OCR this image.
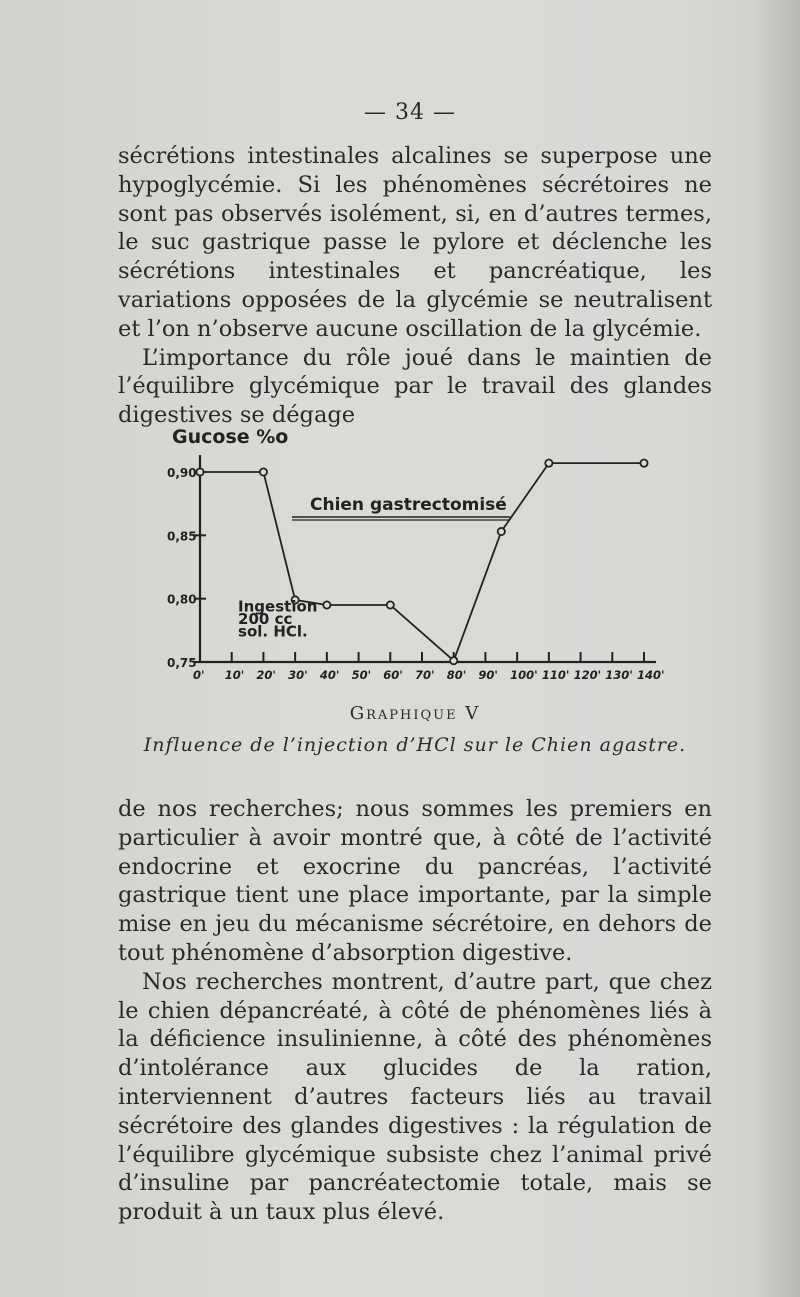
— 34 —

sécrétions intestinales alcalines se superpose une hypoglycémie. Si les phénomènes sécrétoires ne sont pas observés isolément, si, en d’autres termes, le suc gastrique passe le pylore et déclenche les sécrétions intestinales et pancréatique, les variations opposées de la glycémie se neutralisent et l’on n’observe aucune oscillation de la glycémie.

L’importance du rôle joué dans le maintien de l’équilibre glycémique par le travail des glandes digestives se dégage

Gucose %o
0,90
0,85
0,80
0,75
0' 10' 20' 30' 40' 50' 60' 70' 80' 90' 100' 110' 120' 130' 140'
Ingestion
200 cc
sol. HCl.
Chien gastrectomisé
Graphique V
Influence de l’injection d’HCl sur le Chien agastre.

de nos recherches; nous sommes les premiers en particulier à avoir montré que, à côté de l’activité endocrine et exocrine du pancréas, l’activité gastrique tient une place importante, par la simple mise en jeu du mécanisme sécrétoire, en dehors de tout phénomène d’absorption digestive.

Nos recherches montrent, d’autre part, que chez le chien dépancréaté, à côté de phénomènes liés à la déficience insulinienne, à côté des phénomènes d’intolérance aux glucides de la ration, interviennent d’autres facteurs liés au travail sécrétoire des glandes digestives : la régulation de l’équilibre glycémique subsiste chez l’animal privé d’insuline par pancréatectomie totale, mais se produit à un taux plus élevé.
